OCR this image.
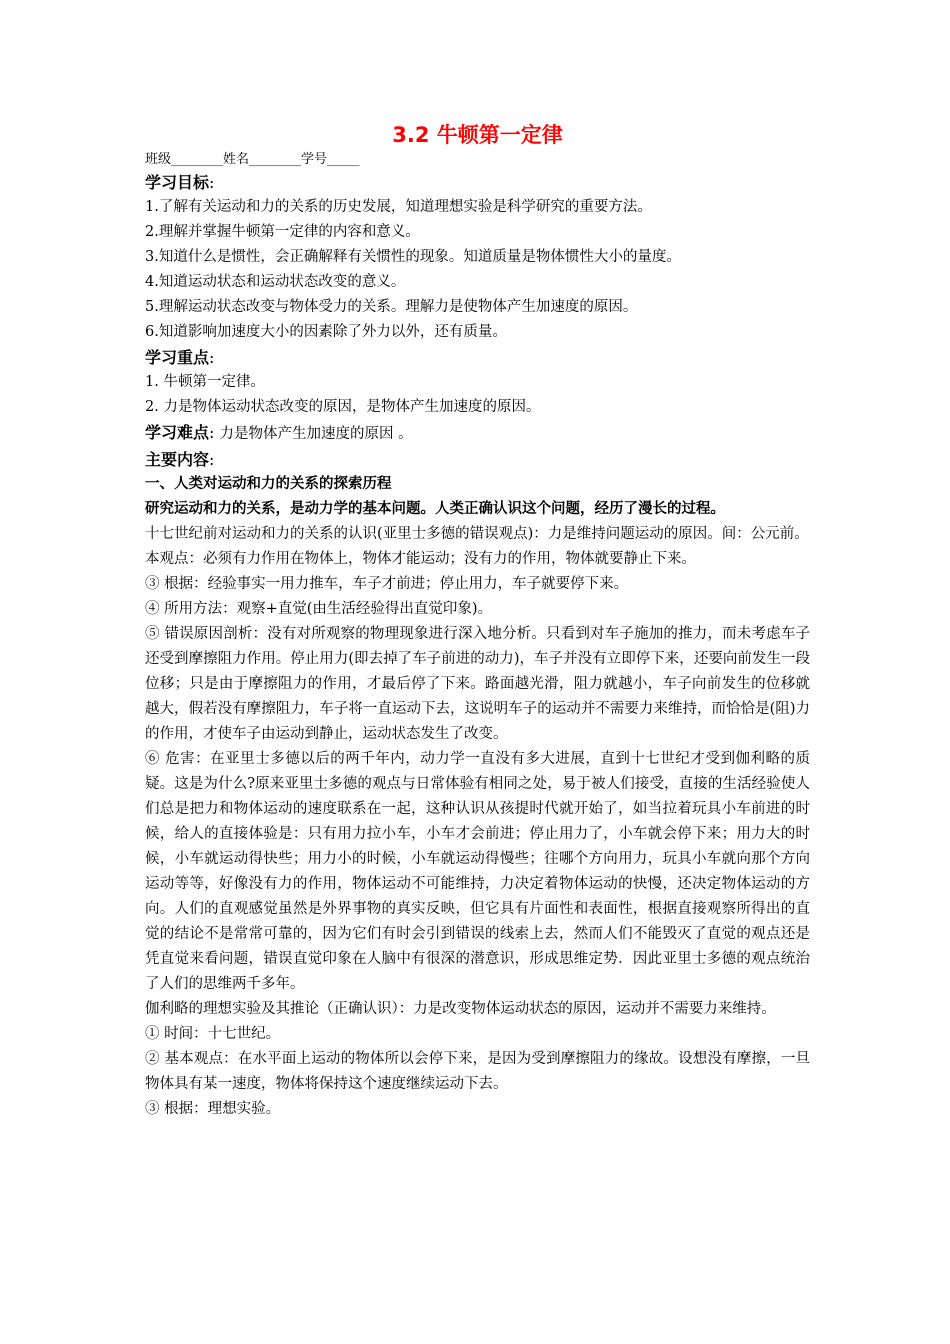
3.2 牛顿第一定律
班级________姓名________学号_____
学习目标:
1.了解有关运动和力的关系的历史发展，知道理想实验是科学研究的重要方法。
2.理解并掌握牛顿第一定律的内容和意义。
3.知道什么是惯性，会正确解释有关惯性的现象。知道质量是物体惯性大小的量度。
4.知道运动状态和运动状态改变的意义。
5.理解运动状态改变与物体受力的关系。理解力是使物体产生加速度的原因。
6.知道影响加速度大小的因素除了外力以外，还有质量。
学习重点:
1. 牛顿第一定律。
2. 力是物体运动状态改变的原因，是物体产生加速度的原因。
学习难点: 力是物体产生加速度的原因 。
主要内容:
一、人类对运动和力的关系的探索历程
研究运动和力的关系，是动力学的基本问题。人类正确认识这个问题，经历了漫长的过程。
十七世纪前对运动和力的关系的认识(亚里士多德的错误观点)：力是维持问题运动的原因。间：公元前。
本观点：必须有力作用在物体上，物体才能运动；没有力的作用，物体就要静止下来。
③ 根据：经验事实一用力推车，车子才前进；停止用力，车子就要停下来。
④ 所用方法：观察+直觉(由生活经验得出直觉印象)。
⑤ 错误原因剖析：没有对所观察的物理现象进行深入地分析。只看到对车子施加的推力，而未考虑车子还受到摩擦阻力作用。停止用力(即去掉了车子前进的动力)，车子并没有立即停下来，还要向前发生一段位移；只是由于摩擦阻力的作用，才最后停了下来。路面越光滑，阻力就越小，车子向前发生的位移就越大，假若没有摩擦阻力，车子将一直运动下去，这说明车子的运动并不需要力来维持，而恰恰是(阻)力的作用，才使车子由运动到静止，运动状态发生了改变。
⑥ 危害：在亚里士多德以后的两千年内，动力学一直没有多大进展，直到十七世纪才受到伽利略的质疑。这是为什么?原来亚里士多德的观点与日常体验有相同之处，易于被人们接受，直接的生活经验使人们总是把力和物体运动的速度联系在一起，这种认识从孩提时代就开始了，如当拉着玩具小车前进的时候，给人的直接体验是：只有用力拉小车，小车才会前进；停止用力了，小车就会停下来；用力大的时候，小车就运动得快些；用力小的时候，小车就运动得慢些；往哪个方向用力，玩具小车就向那个方向运动等等，好像没有力的作用，物体运动不可能维持，力决定着物体运动的快慢，还决定物体运动的方向。人们的直观感觉虽然是外界事物的真实反映，但它具有片面性和表面性，根据直接观察所得出的直觉的结论不是常常可靠的，因为它们有时会引到错误的线索上去，然而人们不能毁灭了直觉的观点还是凭直觉来看问题，错误直觉印象在人脑中有很深的潜意识，形成思维定势．因此亚里士多德的观点统治了人们的思维两千多年。
伽利略的理想实验及其推论（正确认识）：力是改变物体运动状态的原因，运动并不需要力来维持。
① 时间：十七世纪。
② 基本观点：在水平面上运动的物体所以会停下来，是因为受到摩擦阻力的缘故。设想没有摩擦，一旦物体具有某一速度，物体将保持这个速度继续运动下去。
③ 根据：理想实验。
